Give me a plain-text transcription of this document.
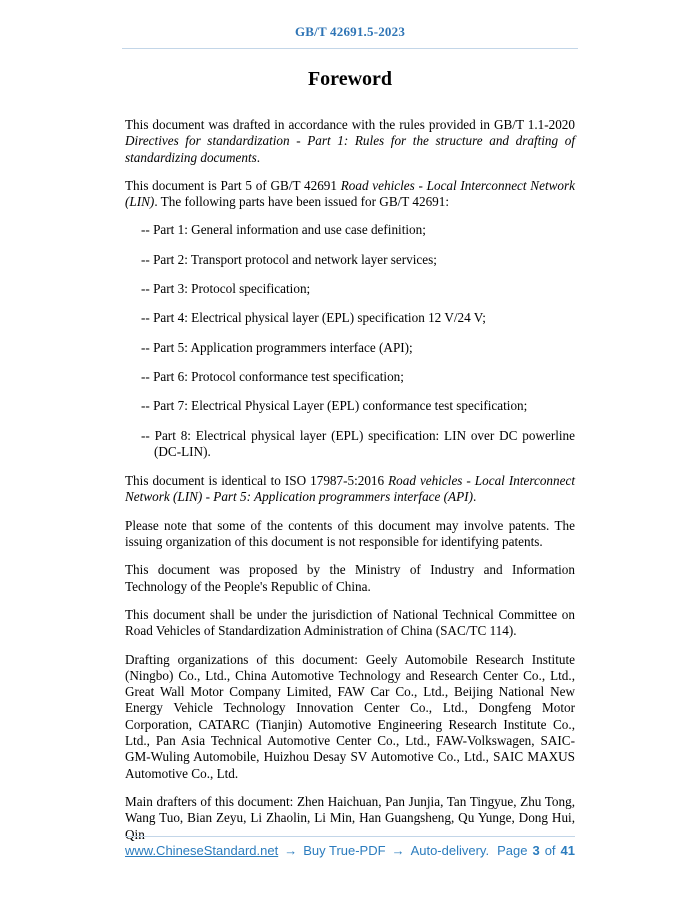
GB/T 42691.5-2023
Foreword
This document was drafted in accordance with the rules provided in GB/T 1.1-2020 Directives for standardization - Part 1: Rules for the structure and drafting of standardizing documents.
This document is Part 5 of GB/T 42691 Road vehicles - Local Interconnect Network (LIN). The following parts have been issued for GB/T 42691:
-- Part 1: General information and use case definition;
-- Part 2: Transport protocol and network layer services;
-- Part 3: Protocol specification;
-- Part 4: Electrical physical layer (EPL) specification 12 V/24 V;
-- Part 5: Application programmers interface (API);
-- Part 6: Protocol conformance test specification;
-- Part 7: Electrical Physical Layer (EPL) conformance test specification;
-- Part 8: Electrical physical layer (EPL) specification: LIN over DC powerline (DC-LIN).
This document is identical to ISO 17987-5:2016 Road vehicles - Local Interconnect Network (LIN) - Part 5: Application programmers interface (API).
Please note that some of the contents of this document may involve patents. The issuing organization of this document is not responsible for identifying patents.
This document was proposed by the Ministry of Industry and Information Technology of the People's Republic of China.
This document shall be under the jurisdiction of National Technical Committee on Road Vehicles of Standardization Administration of China (SAC/TC 114).
Drafting organizations of this document: Geely Automobile Research Institute (Ningbo) Co., Ltd., China Automotive Technology and Research Center Co., Ltd., Great Wall Motor Company Limited, FAW Car Co., Ltd., Beijing National New Energy Vehicle Technology Innovation Center Co., Ltd., Dongfeng Motor Corporation, CATARC (Tianjin) Automotive Engineering Research Institute Co., Ltd., Pan Asia Technical Automotive Center Co., Ltd., FAW-Volkswagen, SAIC-GM-Wuling Automobile, Huizhou Desay SV Automotive Co., Ltd., SAIC MAXUS Automotive Co., Ltd.
Main drafters of this document: Zhen Haichuan, Pan Junjia, Tan Tingyue, Zhu Tong, Wang Tuo, Bian Zeyu, Li Zhaolin, Li Min, Han Guangsheng, Qu Yunge, Dong Hui, Qin
www.ChineseStandard.net → Buy True-PDF → Auto-delivery. Page 3 of 41
